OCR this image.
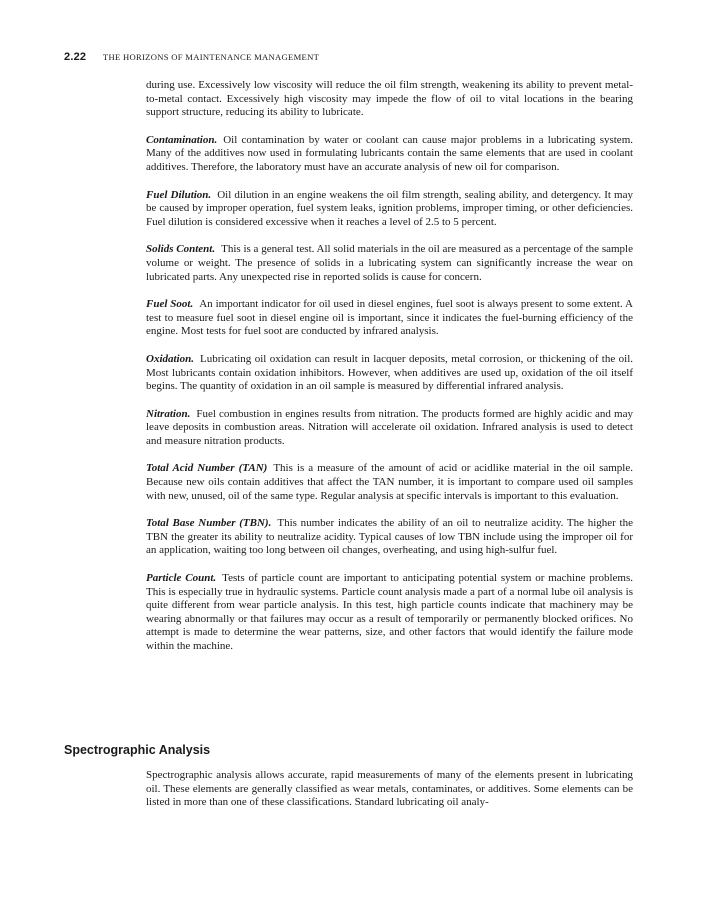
2.22 THE HORIZONS OF MAINTENANCE MANAGEMENT

during use. Excessively low viscosity will reduce the oil film strength, weakening its ability to prevent metal-to-metal contact. Excessively high viscosity may impede the flow of oil to vital locations in the bearing support structure, reducing its ability to lubricate.

Contamination. Oil contamination by water or coolant can cause major problems in a lubricating system. Many of the additives now used in formulating lubricants contain the same elements that are used in coolant additives. Therefore, the laboratory must have an accurate analysis of new oil for comparison.

Fuel Dilution. Oil dilution in an engine weakens the oil film strength, sealing ability, and detergency. It may be caused by improper operation, fuel system leaks, ignition problems, improper timing, or other deficiencies. Fuel dilution is considered excessive when it reaches a level of 2.5 to 5 percent.

Solids Content. This is a general test. All solid materials in the oil are measured as a percentage of the sample volume or weight. The presence of solids in a lubricating system can significantly increase the wear on lubricated parts. Any unexpected rise in reported solids is cause for concern.

Fuel Soot. An important indicator for oil used in diesel engines, fuel soot is always present to some extent. A test to measure fuel soot in diesel engine oil is important, since it indicates the fuel-burning efficiency of the engine. Most tests for fuel soot are conducted by infrared analysis.

Oxidation. Lubricating oil oxidation can result in lacquer deposits, metal corrosion, or thickening of the oil. Most lubricants contain oxidation inhibitors. However, when additives are used up, oxidation of the oil itself begins. The quantity of oxidation in an oil sample is measured by differential infrared analysis.

Nitration. Fuel combustion in engines results from nitration. The products formed are highly acidic and may leave deposits in combustion areas. Nitration will accelerate oil oxidation. Infrared analysis is used to detect and measure nitration products.

Total Acid Number (TAN) This is a measure of the amount of acid or acidlike material in the oil sample. Because new oils contain additives that affect the TAN number, it is important to compare used oil samples with new, unused, oil of the same type. Regular analysis at specific intervals is important to this evaluation.

Total Base Number (TBN). This number indicates the ability of an oil to neutralize acidity. The higher the TBN the greater its ability to neutralize acidity. Typical causes of low TBN include using the improper oil for an application, waiting too long between oil changes, overheating, and using high-sulfur fuel.

Particle Count. Tests of particle count are important to anticipating potential system or machine problems. This is especially true in hydraulic systems. Particle count analysis made a part of a normal lube oil analysis is quite different from wear particle analysis. In this test, high particle counts indicate that machinery may be wearing abnormally or that failures may occur as a result of temporarily or permanently blocked orifices. No attempt is made to determine the wear patterns, size, and other factors that would identify the failure mode within the machine.

Spectrographic Analysis

Spectrographic analysis allows accurate, rapid measurements of many of the elements present in lubricating oil. These elements are generally classified as wear metals, contaminates, or additives. Some elements can be listed in more than one of these classifications. Standard lubricating oil analy-
